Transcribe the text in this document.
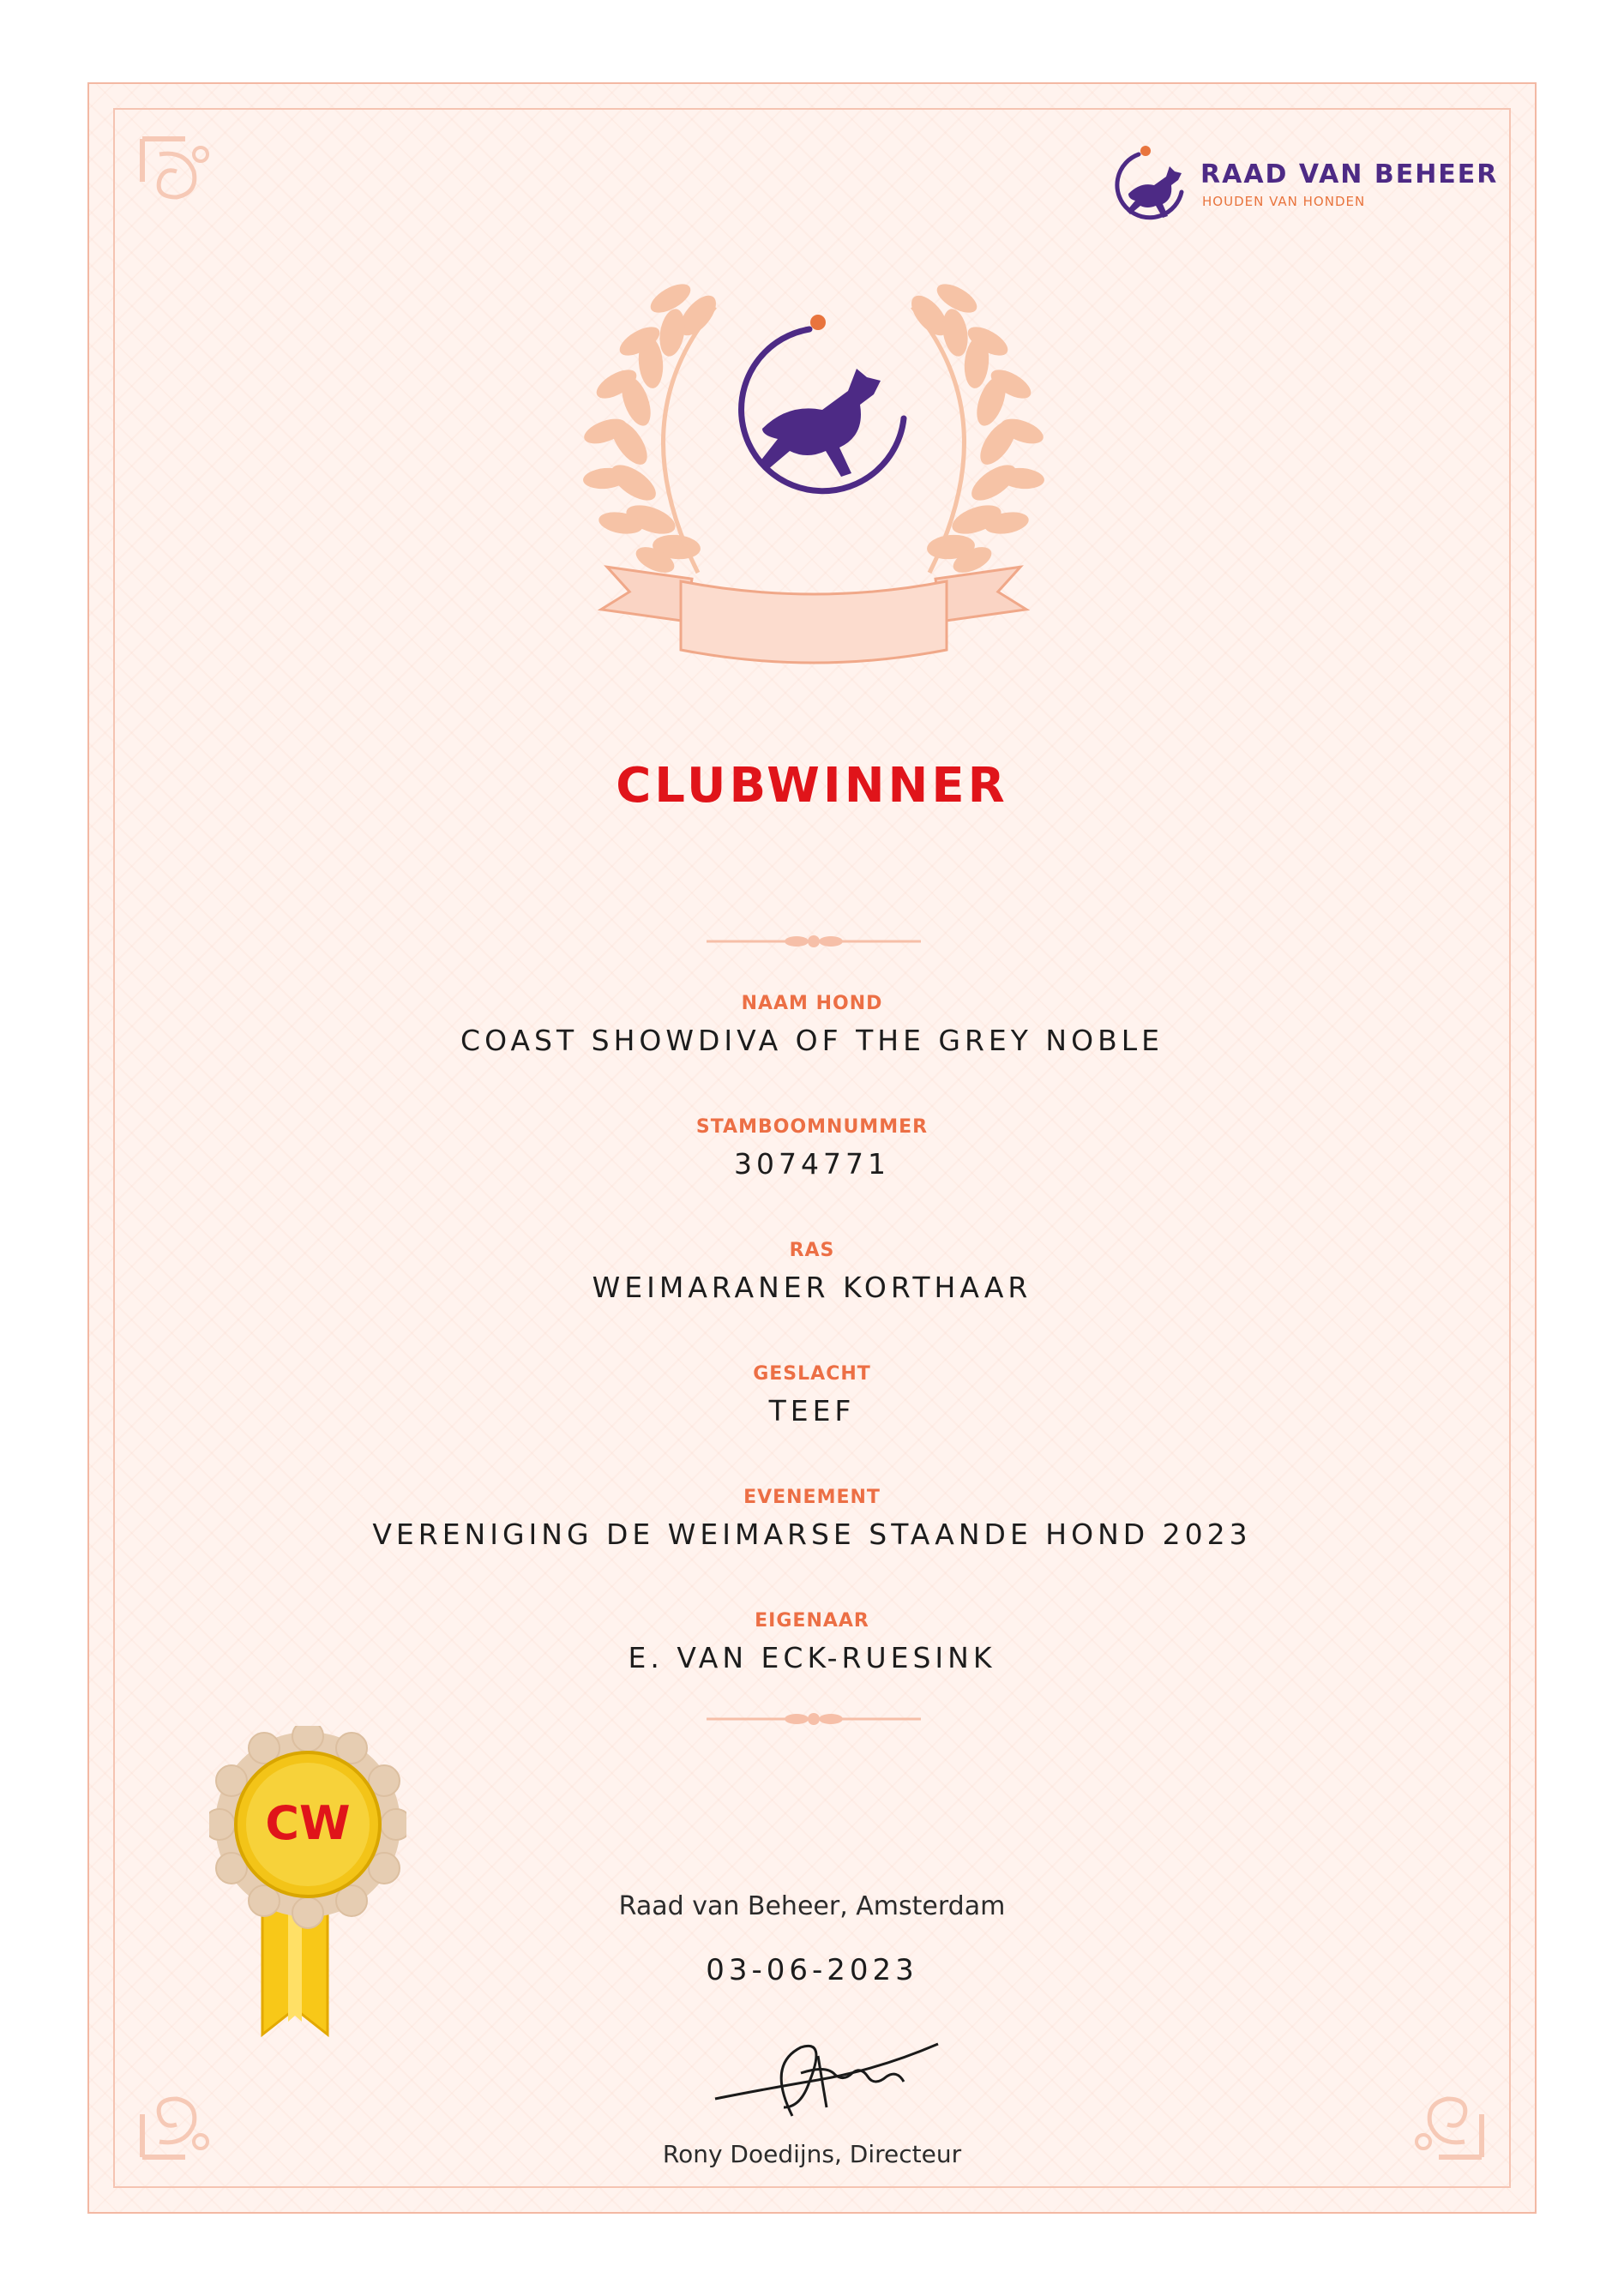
RAAD VAN BEHEER
HOUDEN VAN HONDEN
CLUBWINNER
NAAM HOND
COAST SHOWDIVA OF THE GREY NOBLE
STAMBOOMNUMMER
3074771
RAS
WEIMARANER KORTHAAR
GESLACHT
TEEF
EVENEMENT
VERENIGING DE WEIMARSE STAANDE HOND 2023
EIGENAAR
E. VAN ECK-RUESINK
CW
Raad van Beheer, Amsterdam
03-06-2023
Rony Doedijns, Directeur
